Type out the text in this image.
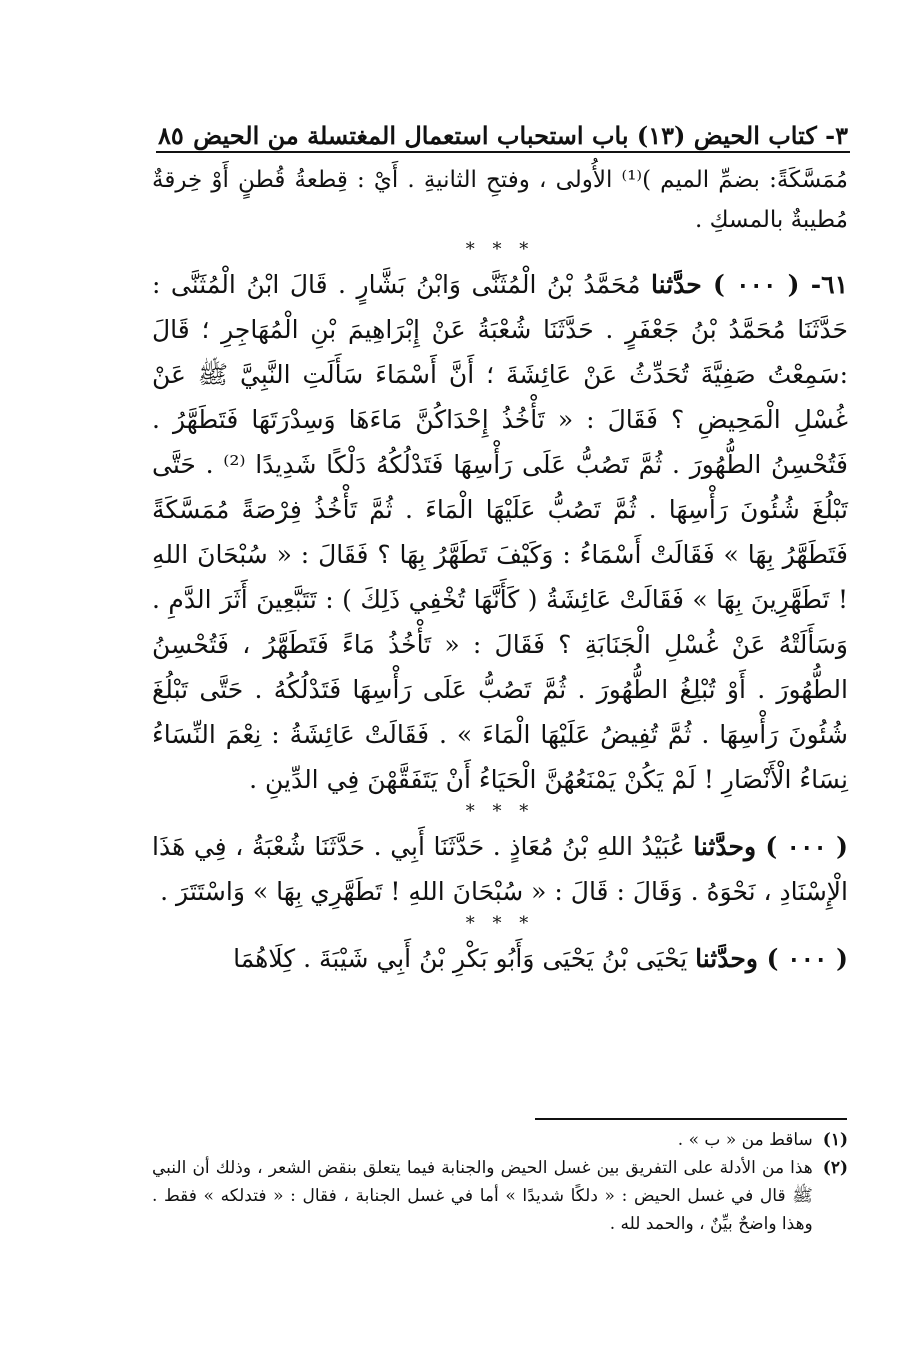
٣- كتاب الحيض (١٣) باب استحباب استعمال المغتسلة من الحيض
٨٥

مُمَسَّكَةً: بضمِّ الميم )⁽¹⁾ الأُولى ، وفتحِ الثانيةِ . أَيْ : قِطعةُ قُطنٍ أَوْ خِرقةٌ مُطيبةٌ بالمسكِ .

* * *

٦١- ( ٠٠٠ ) حدَّثنا مُحَمَّدُ بْنُ الْمُثَنَّى وَابْنُ بَشَّارٍ . قَالَ ابْنُ الْمُثَنَّى : حَدَّثَنَا مُحَمَّدُ بْنُ جَعْفَرٍ . حَدَّثَنَا شُعْبَةُ عَنْ إِبْرَاهِيمَ بْنِ الْمُهَاجِرِ ؛ قَالَ :سَمِعْتُ صَفِيَّةَ تُحَدِّثُ عَنْ عَائِشَةَ ؛ أَنَّ أَسْمَاءَ سَأَلَتِ النَّبِيَّ ﷺ عَنْ غُسْلِ الْمَحِيضِ ؟ فَقَالَ : « تَأْخُذُ إِحْدَاكُنَّ مَاءَهَا وَسِدْرَتَهَا فَتَطَهَّرُ . فَتُحْسِنُ الطُّهُورَ . ثُمَّ تَصُبُّ عَلَى رَأْسِهَا فَتَدْلُكُهُ دَلْكًا شَدِيدًا ⁽²⁾ . حَتَّى تَبْلُغَ شُئُونَ رَأْسِهَا . ثُمَّ تَصُبُّ عَلَيْهَا الْمَاءَ . ثُمَّ تَأْخُذُ فِرْصَةً مُمَسَّكَةً فَتَطَهَّرُ بِهَا » فَقَالَتْ أَسْمَاءُ : وَكَيْفَ تَطَهَّرُ بِهَا ؟ فَقَالَ : « سُبْحَانَ اللهِ ! تَطَهَّرِينَ بِهَا » فَقَالَتْ عَائِشَةُ ( كَأَنَّهَا تُخْفِي ذَلِكَ ) : تَتَبَّعِينَ أَثَرَ الدَّمِ . وَسَأَلَتْهُ عَنْ غُسْلِ الْجَنَابَةِ ؟ فَقَالَ : « تَأْخُذُ مَاءً فَتَطَهَّرُ ، فَتُحْسِنُ الطُّهُورَ . أَوْ تُبْلِغُ الطُّهُورَ . ثُمَّ تَصُبُّ عَلَى رَأْسِهَا فَتَدْلُكُهُ . حَتَّى تَبْلُغَ شُئُونَ رَأْسِهَا . ثُمَّ تُفِيضُ عَلَيْهَا الْمَاءَ » . فَقَالَتْ عَائِشَةُ : نِعْمَ النِّسَاءُ نِسَاءُ الْأَنْصَارِ ! لَمْ يَكُنْ يَمْنَعُهُنَّ الْحَيَاءُ أَنْ يَتَفَقَّهْنَ فِي الدِّينِ .

* * *

( ٠٠٠ ) وحدَّثنا عُبَيْدُ اللهِ بْنُ مُعَاذٍ . حَدَّثَنَا أَبِي . حَدَّثَنَا شُعْبَةُ ، فِي هَذَا الْإِسْنَادِ ، نَحْوَهُ . وَقَالَ : قَالَ : « سُبْحَانَ اللهِ ! تَطَهَّرِي بِهَا » وَاسْتَتَرَ .

* * *

( ٠٠٠ ) وحدَّثنا يَحْيَى بْنُ يَحْيَى وَأَبُو بَكْرِ بْنُ أَبِي شَيْبَةَ . كِلَاهُمَا

(١)
ساقط من « ب » .

(٢)
هذا من الأدلة على التفريق بين غسل الحيض والجنابة فيما يتعلق بنقض الشعر ، وذلك أن النبي ﷺ قال في غسل الحيض : « دلكًا شديدًا » أما في غسل الجنابة ، فقال : « فتدلكه » فقط . وهذا واضحٌ بيِّنٌ ، والحمد لله .
